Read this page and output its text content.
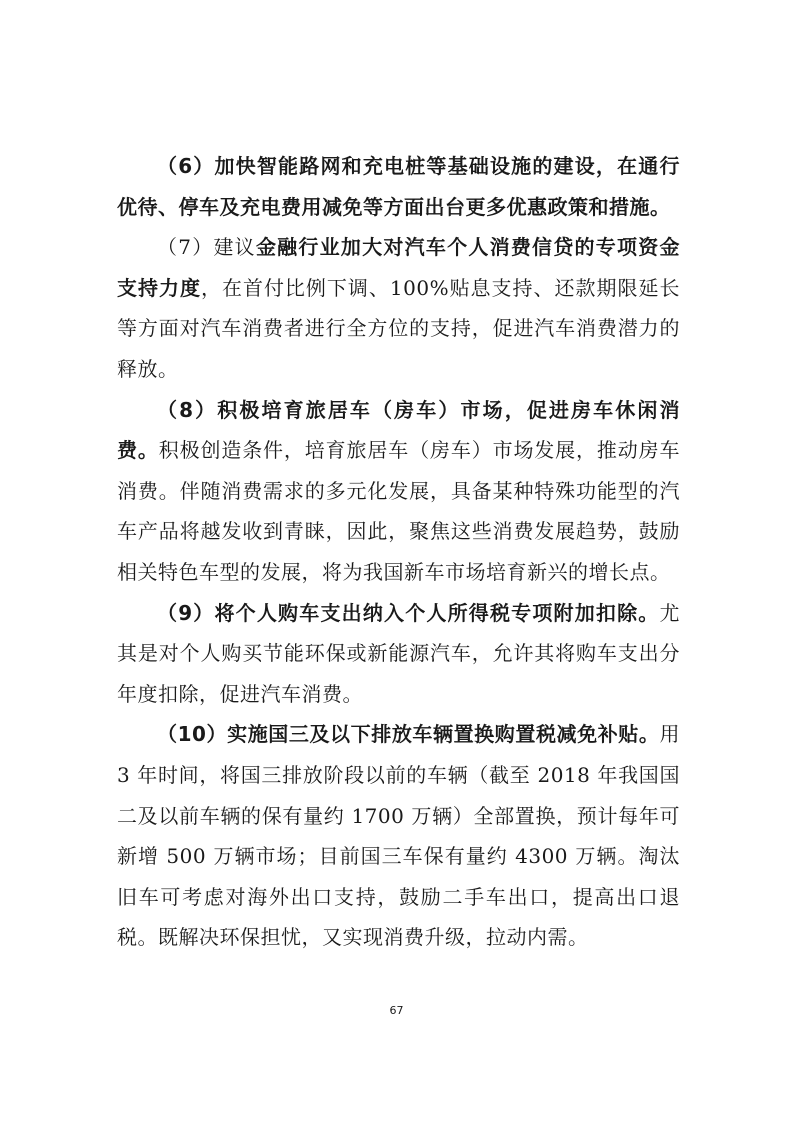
（6）加快智能路网和充电桩等基础设施的建设，在通行优待、停车及充电费用减免等方面出台更多优惠政策和措施。

（7）建议金融行业加大对汽车个人消费信贷的专项资金支持力度，在首付比例下调、100%贴息支持、还款期限延长等方面对汽车消费者进行全方位的支持，促进汽车消费潜力的释放。

（8）积极培育旅居车（房车）市场，促进房车休闲消费。积极创造条件，培育旅居车（房车）市场发展，推动房车消费。伴随消费需求的多元化发展，具备某种特殊功能型的汽车产品将越发收到青睐，因此，聚焦这些消费发展趋势，鼓励相关特色车型的发展，将为我国新车市场培育新兴的增长点。

（9）将个人购车支出纳入个人所得税专项附加扣除。尤其是对个人购买节能环保或新能源汽车，允许其将购车支出分年度扣除，促进汽车消费。

（10）实施国三及以下排放车辆置换购置税减免补贴。用 3 年时间，将国三排放阶段以前的车辆（截至 2018 年我国国二及以前车辆的保有量约 1700 万辆）全部置换，预计每年可新增 500 万辆市场；目前国三车保有量约 4300 万辆。淘汰旧车可考虑对海外出口支持，鼓励二手车出口，提高出口退税。既解决环保担忧，又实现消费升级，拉动内需。

67
